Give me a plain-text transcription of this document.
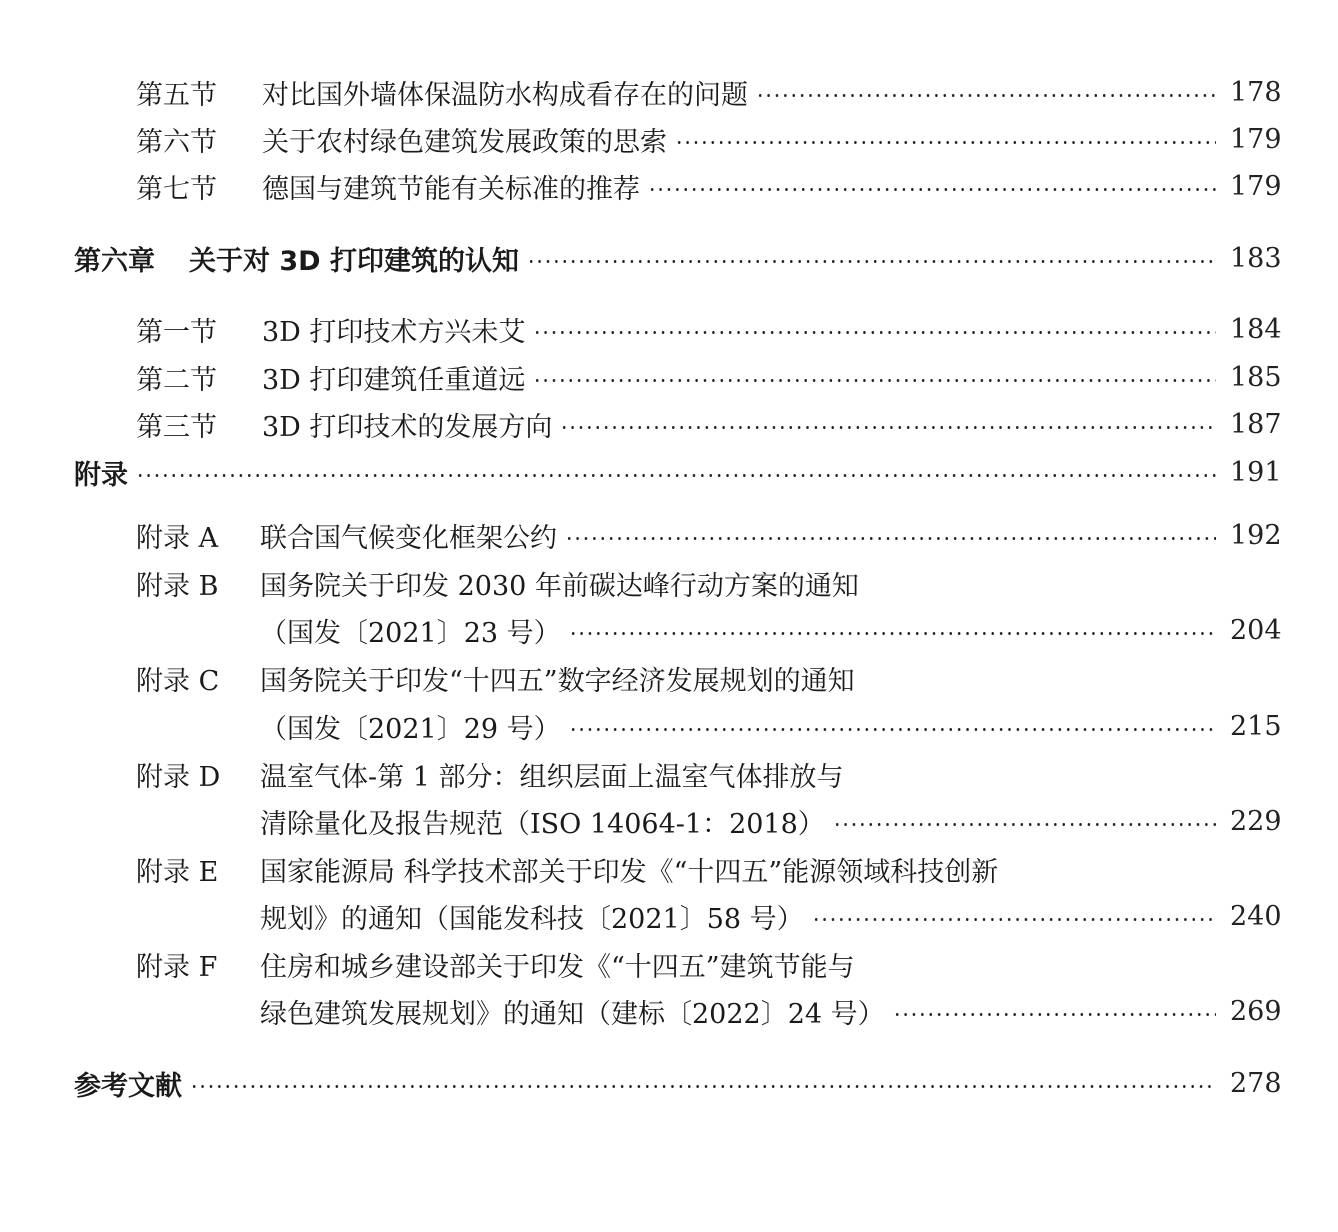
第五节	对比国外墙体保温防水构成看存在的问题	178
第六节	关于农村绿色建筑发展政策的思索	179
第七节	德国与建筑节能有关标准的推荐	179
第六章 关于对 3D 打印建筑的认知	183
第一节	3D 打印技术方兴未艾	184
第二节	3D 打印建筑任重道远	185
第三节	3D 打印技术的发展方向	187
附录	191
附录 A	联合国气候变化框架公约	192
附录 B	国务院关于印发 2030 年前碳达峰行动方案的通知
（国发〔2021〕23 号）	204
附录 C	国务院关于印发“十四五”数字经济发展规划的通知
（国发〔2021〕29 号）	215
附录 D	温室气体-第 1 部分：组织层面上温室气体排放与
清除量化及报告规范（ISO 14064-1：2018）	229
附录 E	国家能源局 科学技术部关于印发《“十四五”能源领域科技创新
规划》的通知（国能发科技〔2021〕58 号）	240
附录 F	住房和城乡建设部关于印发《“十四五”建筑节能与
绿色建筑发展规划》的通知（建标〔2022〕24 号）	269
参考文献	278
